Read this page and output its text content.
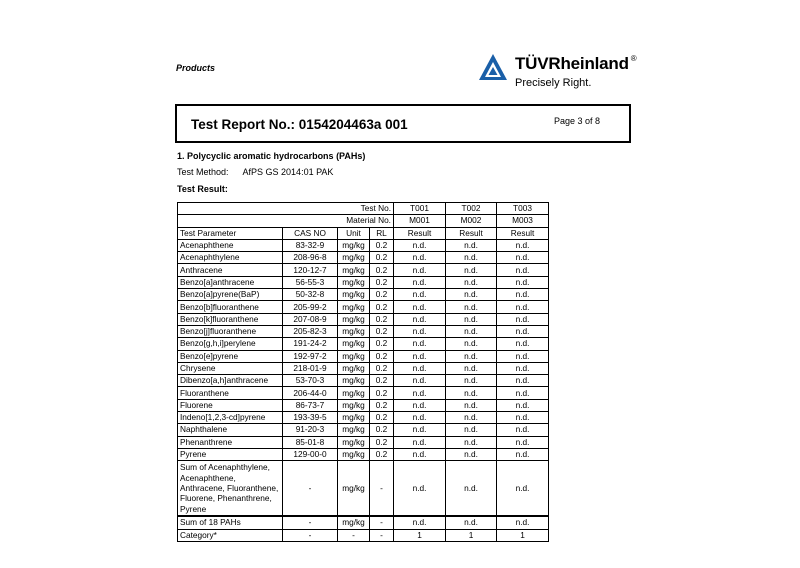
Products	TÜVRheinland ®
Precisely Right.
Test Report No.: 0154204463a 001	Page 3 of 8
1. Polycyclic aromatic hydrocarbons (PAHs)
Test Method: AfPS GS 2014:01 PAK
Test Result:
Test No.				T001	T002	T003
Material No.				M001	M002	M003
Test Parameter	CAS NO	Unit	RL	Result	Result	Result
Acenaphthene	83-32-9	mg/kg	0.2	n.d.	n.d.	n.d.
Acenaphthylene	208-96-8	mg/kg	0.2	n.d.	n.d.	n.d.
Anthracene	120-12-7	mg/kg	0.2	n.d.	n.d.	n.d.
Benzo[a]anthracene	56-55-3	mg/kg	0.2	n.d.	n.d.	n.d.
Benzo[a]pyrene(BaP)	50-32-8	mg/kg	0.2	n.d.	n.d.	n.d.
Benzo[b]fluoranthene	205-99-2	mg/kg	0.2	n.d.	n.d.	n.d.
Benzo[k]fluoranthene	207-08-9	mg/kg	0.2	n.d.	n.d.	n.d.
Benzo[j]fluoranthene	205-82-3	mg/kg	0.2	n.d.	n.d.	n.d.
Benzo[g,h,i]perylene	191-24-2	mg/kg	0.2	n.d.	n.d.	n.d.
Benzo[e]pyrene	192-97-2	mg/kg	0.2	n.d.	n.d.	n.d.
Chrysene	218-01-9	mg/kg	0.2	n.d.	n.d.	n.d.
Dibenzo[a,h]anthracene	53-70-3	mg/kg	0.2	n.d.	n.d.	n.d.
Fluoranthene	206-44-0	mg/kg	0.2	n.d.	n.d.	n.d.
Fluorene	86-73-7	mg/kg	0.2	n.d.	n.d.	n.d.
Indeno[1,2,3-cd]pyrene	193-39-5	mg/kg	0.2	n.d.	n.d.	n.d.
Naphthalene	91-20-3	mg/kg	0.2	n.d.	n.d.	n.d.
Phenanthrene	85-01-8	mg/kg	0.2	n.d.	n.d.	n.d.
Pyrene	129-00-0	mg/kg	0.2	n.d.	n.d.	n.d.
Sum of Acenaphthylene, Acenaphthene, Anthracene, Fluoranthene, Fluorene, Phenanthrene, Pyrene	-	mg/kg	-	n.d.	n.d.	n.d.
Sum of 18 PAHs	-	mg/kg	-	n.d.	n.d.	n.d.
Category*	-	-	-	1	1	1
